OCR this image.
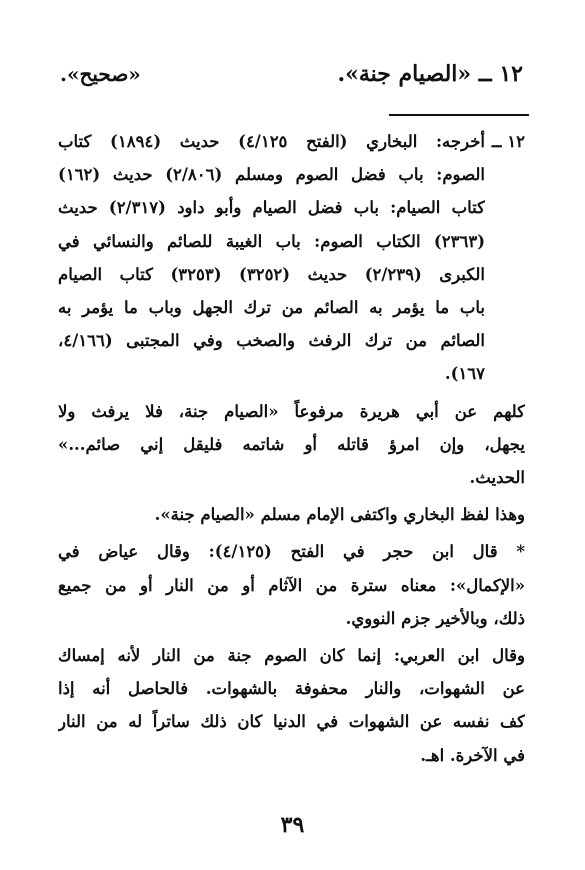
١٢ ــ «الصيام جنة».
«صحيح».
١٢ ــ
أخرجه: البخاري (الفتح ٤/١٢٥) حديث (١٨٩٤) كتاب
الصوم: باب فضل الصوم ومسلم (٢/٨٠٦) حديث (١٦٢)
كتاب الصيام: باب فضل الصيام وأبو داود (٢/٣١٧) حديث
(٢٣٦٣) الكتاب الصوم: باب الغيبة للصائم والنسائي في
الكبرى (٢/٢٣٩) حديث (٣٢٥٢) (٣٢٥٣) كتاب الصيام
باب ما يؤمر به الصائم من ترك الجهل وباب ما يؤمر به
الصائم من ترك الرفث والصخب وفي المجتبى (٤/١٦٦،
١٦٧).
كلهم عن أبي هريرة مرفوعاً «الصيام جنة، فلا يرفث ولا
يجهل، وإن امرؤ قاتله أو شاتمه فليقل إني صائم...»
الحديث.
وهذا لفظ البخاري واكتفى الإمام مسلم «الصيام جنة».
* قال ابن حجر في الفتح (٤/١٢٥): وقال عياض في
«الإكمال»: معناه سترة من الآثام أو من النار أو من جميع
ذلك، وبالأخير جزم النووي.
وقال ابن العربي: إنما كان الصوم جنة من النار لأنه إمساك
عن الشهوات، والنار محفوفة بالشهوات. فالحاصل أنه إذا
كف نفسه عن الشهوات في الدنيا كان ذلك ساتراً له من النار
في الآخرة. اهـ.
٣٩
